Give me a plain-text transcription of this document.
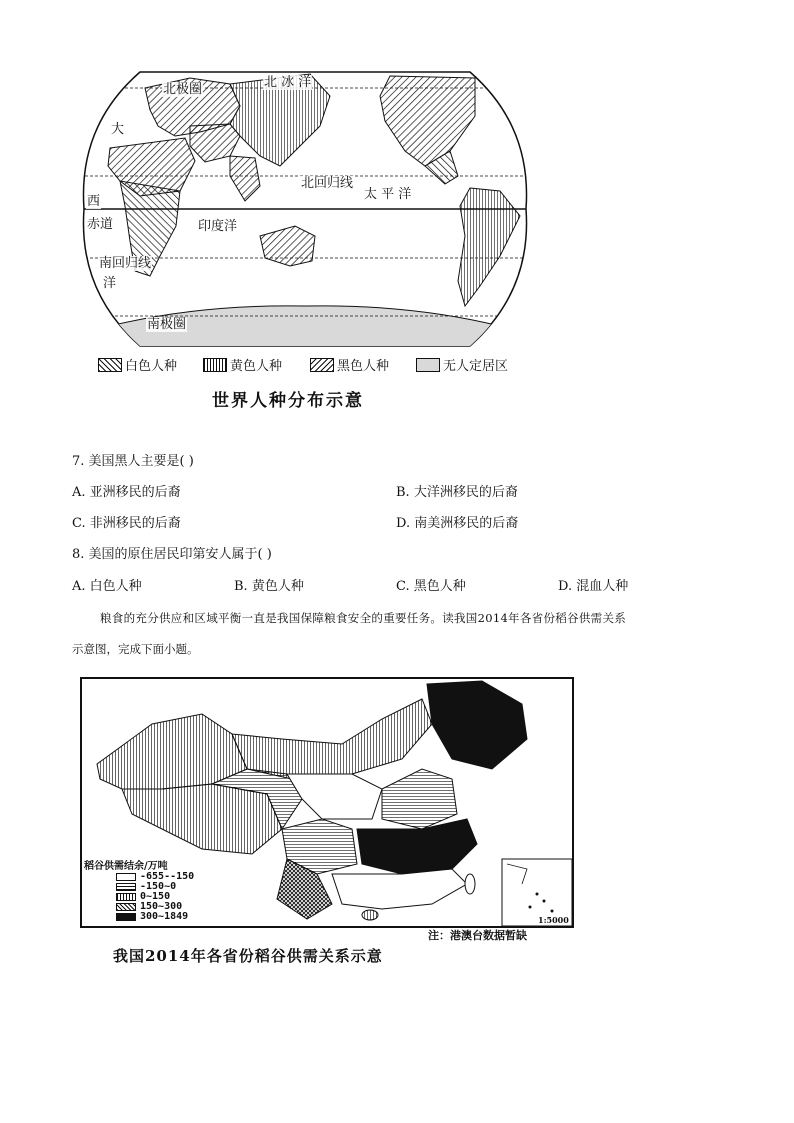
北极圈	北 冰 洋
大
西
洋
赤道
北回归线
太 平 洋
印度洋
南回归线
南极圈
白色人种	黄色人种	黑色人种	无人定居区
世界人种分布示意
7. 美国黑人主要是( )
A. 亚洲移民的后裔	B. 大洋洲移民的后裔
C. 非洲移民的后裔	D. 南美洲移民的后裔
8. 美国的原住居民印第安人属于( )
A. 白色人种	B. 黄色人种	C. 黑色人种	D. 混血人种
粮食的充分供应和区域平衡一直是我国保障粮食安全的重要任务。读我国2014年各省份稻谷供需关系
示意图，完成下面小题。
稻谷供需结余/万吨
-655--150
-150~0
0~150
150~300
300~1849	1:5000
注：港澳台数据暂缺
我国2014年各省份稻谷供需关系示意
